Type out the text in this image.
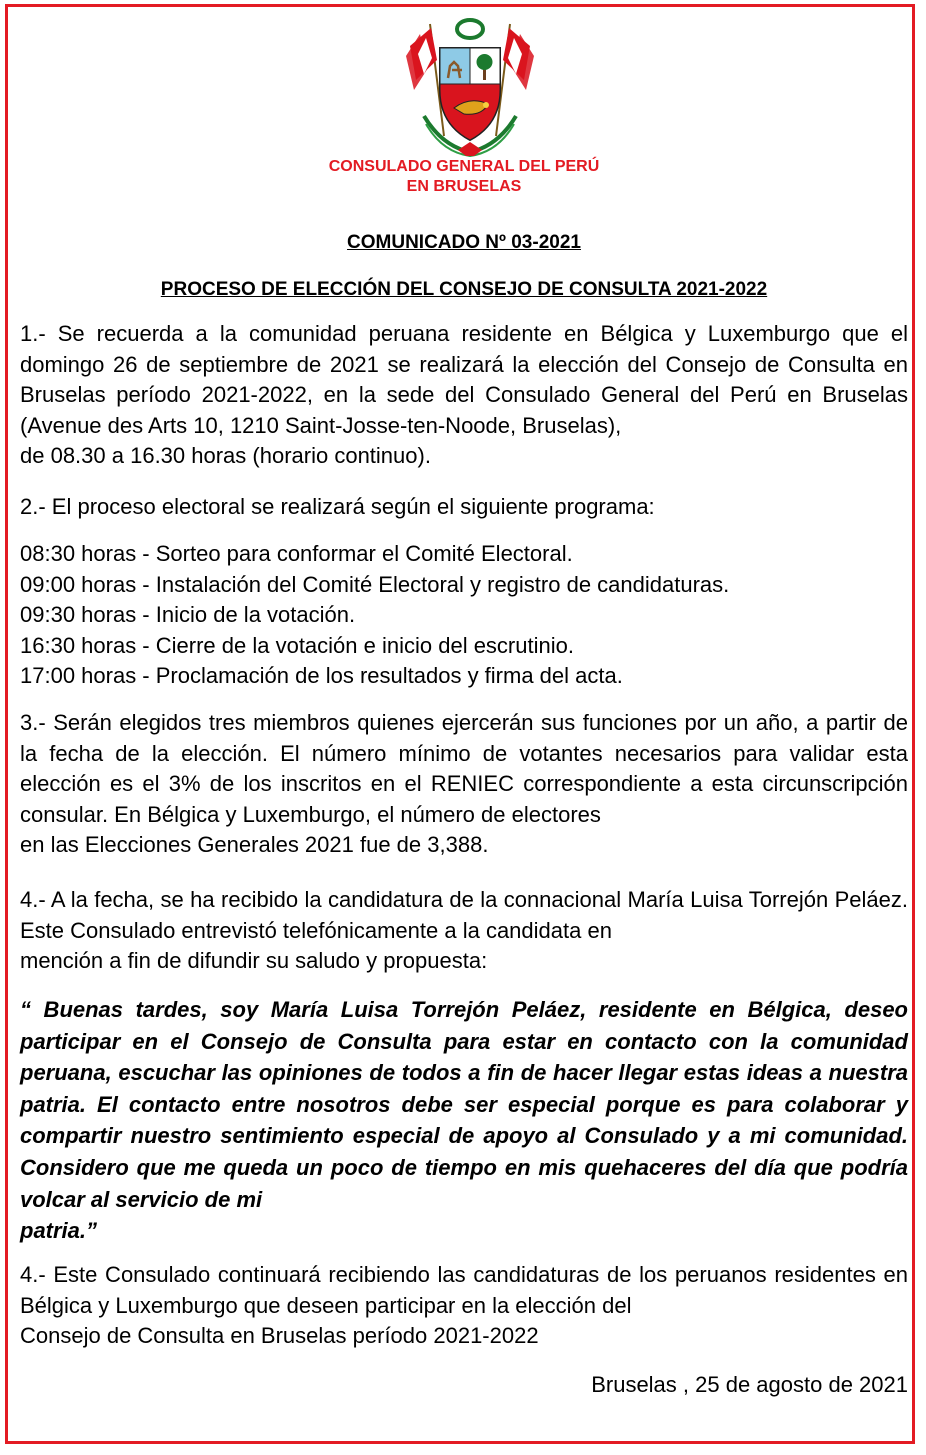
CONSULADO GENERAL DEL PERÚ
EN BRUSELAS
COMUNICADO Nº 03-2021
PROCESO DE ELECCIÓN DEL CONSEJO DE CONSULTA 2021-2022

1.- Se recuerda a la comunidad peruana residente en Bélgica y Luxemburgo que el domingo 26 de septiembre de 2021 se realizará la elección del Consejo de Consulta en Bruselas período 2021-2022, en la sede del Consulado General del Perú en Bruselas (Avenue des Arts 10, 1210 Saint-Josse-ten-Noode, Bruselas),
de 08.30 a 16.30 horas (horario continuo).

2.- El proceso electoral se realizará según el siguiente programa:

08:30 horas - Sorteo para conformar el Comité Electoral.
09:00 horas - Instalación del Comité Electoral y registro de candidaturas.
09:30 horas - Inicio de la votación.
16:30 horas - Cierre de la votación e inicio del escrutinio.
17:00 horas - Proclamación de los resultados y firma del acta.

3.- Serán elegidos tres miembros quienes ejercerán sus funciones por un año, a partir de la fecha de la elección. El número mínimo de votantes necesarios para validar esta elección es el 3% de los inscritos en el RENIEC correspondiente a esta circunscripción consular. En Bélgica y Luxemburgo, el número de electores
en las Elecciones Generales 2021 fue de 3,388.

4.- A la fecha, se ha recibido la candidatura de la connacional María Luisa Torrejón Peláez. Este Consulado entrevistó telefónicamente a la candidata en
mención a fin de difundir su saludo y propuesta:

“ Buenas tardes, soy María Luisa Torrejón Peláez, residente en Bélgica, deseo participar en el Consejo de Consulta para estar en contacto con la comunidad peruana, escuchar las opiniones de todos a fin de hacer llegar estas ideas a nuestra patria. El contacto entre nosotros debe ser especial porque es para colaborar y compartir nuestro sentimiento especial de apoyo al Consulado y a mi comunidad. Considero que me queda un poco de tiempo en mis quehaceres del día que podría volcar al servicio de mi
patria.”

4.- Este Consulado continuará recibiendo las candidaturas de los peruanos residentes en Bélgica y Luxemburgo que deseen participar en la elección del
Consejo de Consulta en Bruselas período 2021-2022

Bruselas , 25 de agosto de 2021
